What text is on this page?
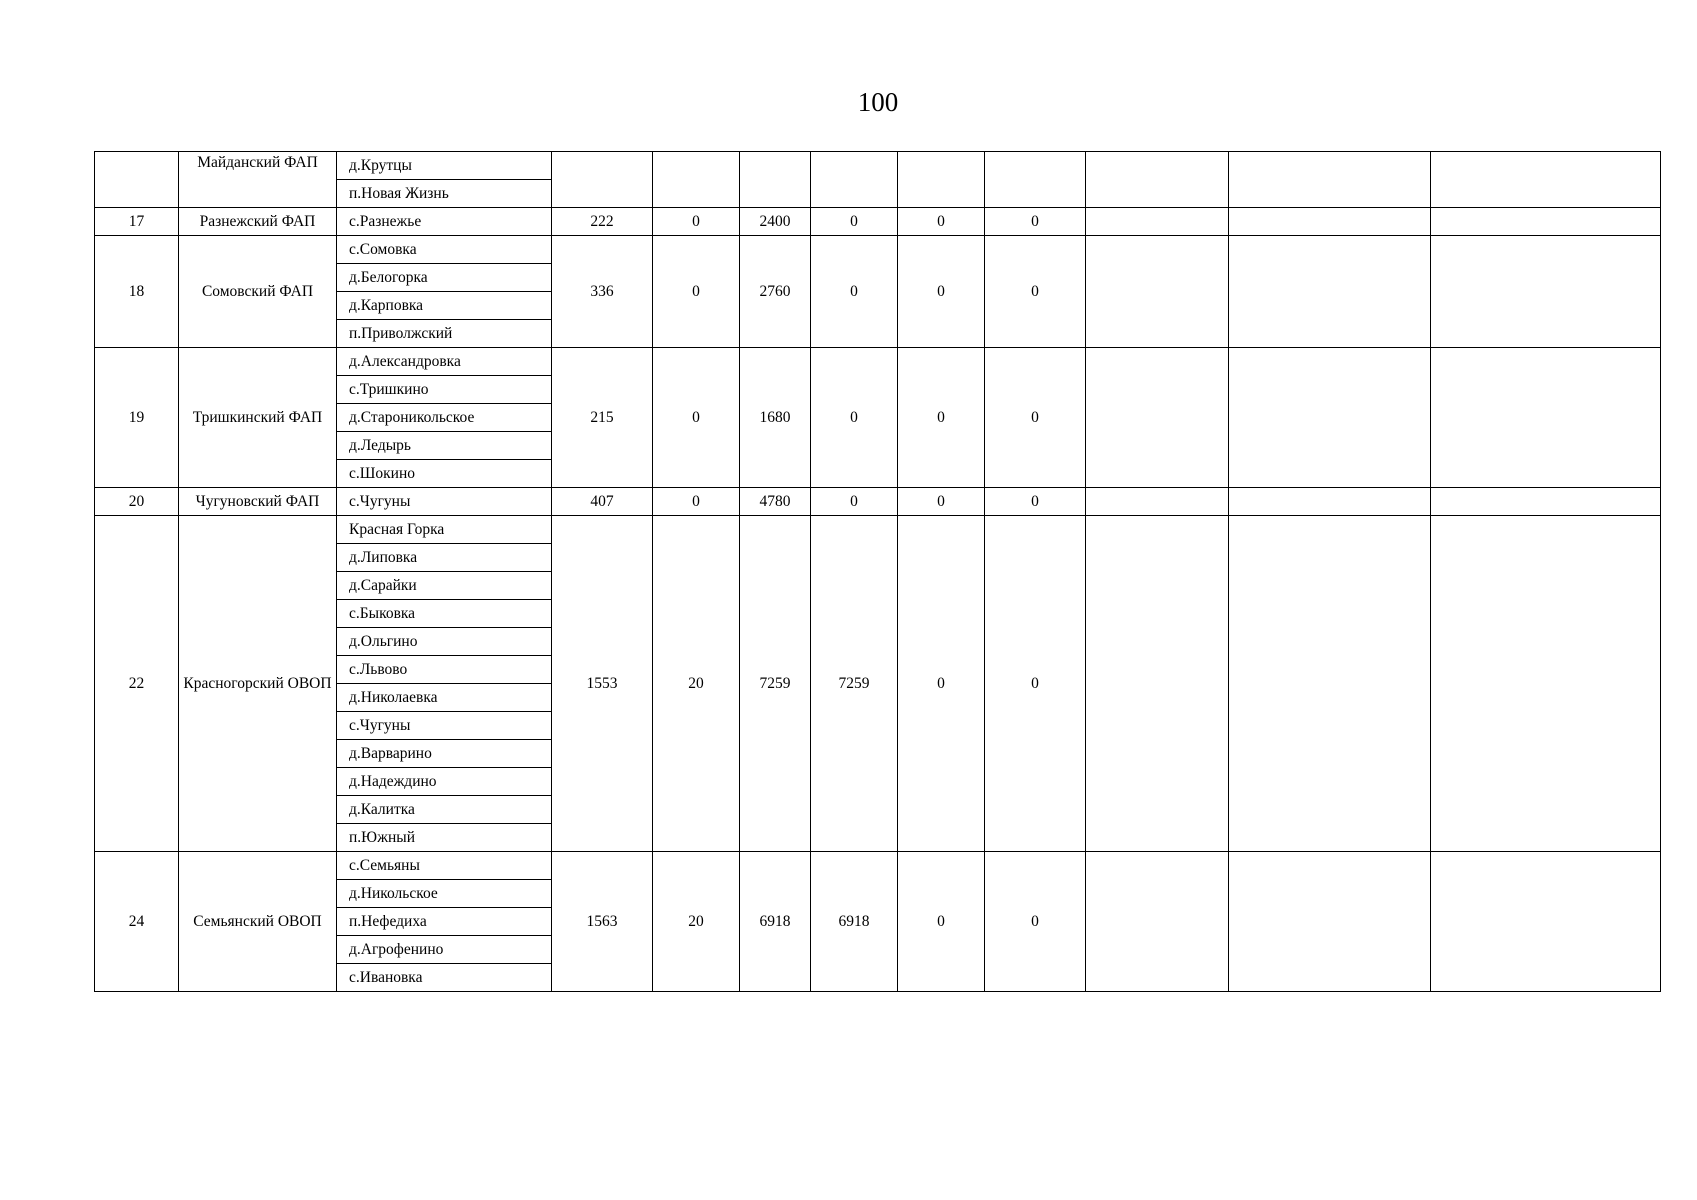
100
	Майданский ФАП	д.Крутцы									
		п.Новая Жизнь									
17	Разнежский ФАП	с.Разнежье	222	0	2400	0	0	0			
18	Сомовский ФАП	с.Сомовка	336	0	2760	0	0	0			
		д.Белогорка									
		д.Карповка									
		п.Приволжский									
19	Тришкинский ФАП	д.Александровка	215	0	1680	0	0	0			
		с.Тришкино									
		д.Староникольское									
		д.Ледырь									
		с.Шокино									
20	Чугуновский ФАП	с.Чугуны	407	0	4780	0	0	0			
22	Красногорский ОВОП	Красная Горка	1553	20	7259	7259	0	0			
		д.Липовка									
		д.Сарайки									
		с.Быковка									
		д.Ольгино									
		с.Львово									
		д.Николаевка									
		с.Чугуны									
		д.Варварино									
		д.Надеждино									
		д.Калитка									
		п.Южный									
24	Семьянский ОВОП	с.Семьяны	1563	20	6918	6918	0	0			
		д.Никольское									
		п.Нефедиха									
		д.Агрофенино									
		с.Ивановка									
